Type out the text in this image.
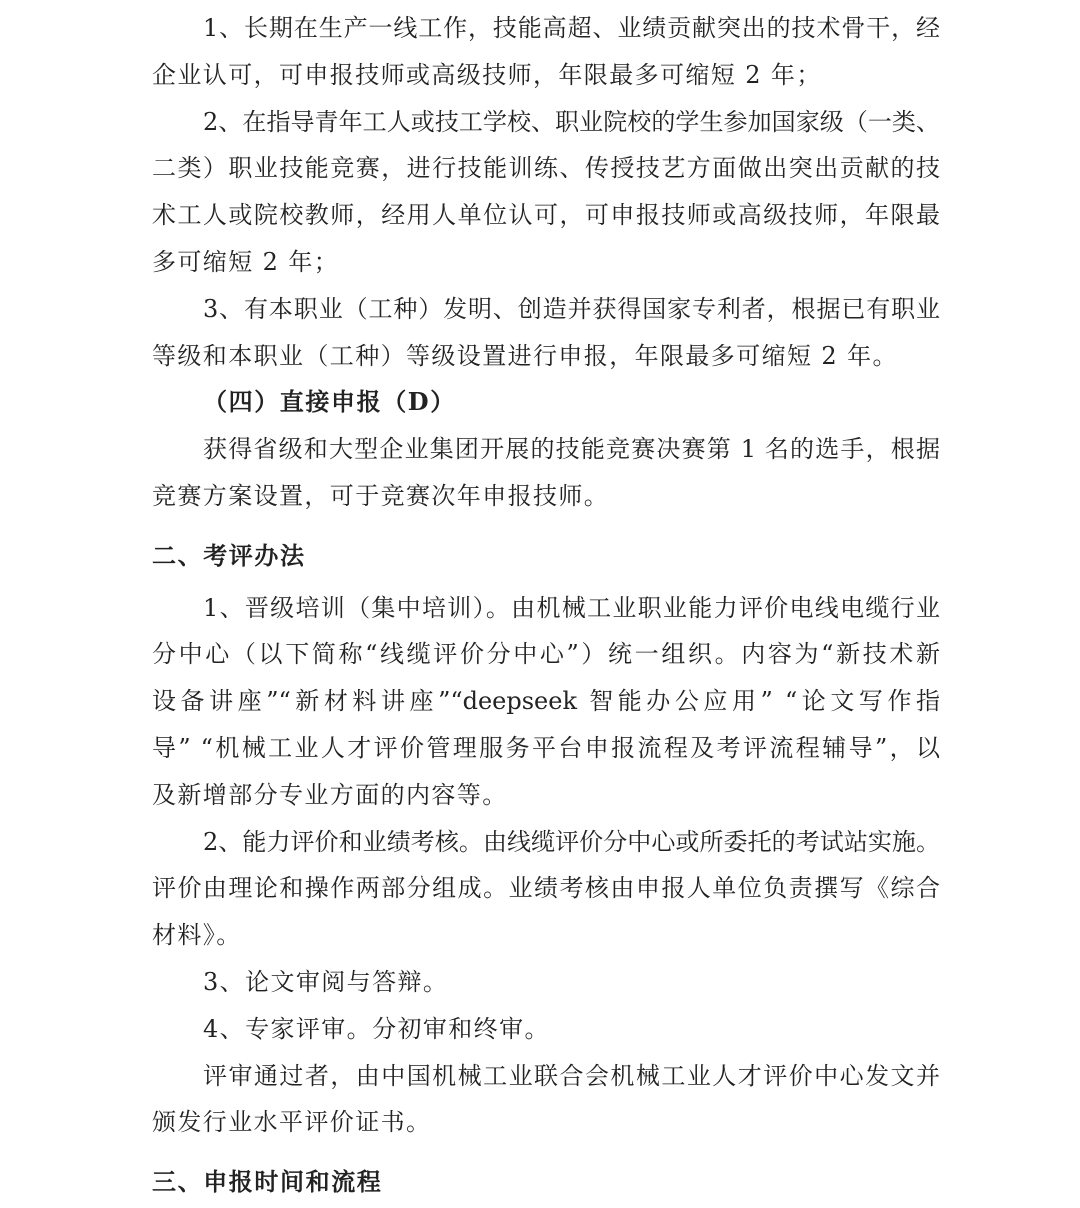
1、长期在生产一线工作，技能高超、业绩贡献突出的技术骨干，经
企业认可，可申报技师或高级技师，年限最多可缩短 2 年；
2、在指导青年工人或技工学校、职业院校的学生参加国家级（一类、
二类）职业技能竞赛，进行技能训练、传授技艺方面做出突出贡献的技
术工人或院校教师，经用人单位认可，可申报技师或高级技师，年限最
多可缩短 2 年；
3、有本职业（工种）发明、创造并获得国家专利者，根据已有职业
等级和本职业（工种）等级设置进行申报，年限最多可缩短 2 年。
（四）直接申报（D）
获得省级和大型企业集团开展的技能竞赛决赛第 1 名的选手，根据
竞赛方案设置，可于竞赛次年申报技师。
二、考评办法
1、晋级培训（集中培训）。由机械工业职业能力评价电线电缆行业
分中心（以下简称“线缆评价分中心”）统一组织。内容为“新技术新
设备讲座”“新材料讲座”“deepseek 智能办公应用” “论文写作指
导” “机械工业人才评价管理服务平台申报流程及考评流程辅导”，以
及新增部分专业方面的内容等。
2、能力评价和业绩考核。由线缆评价分中心或所委托的考试站实施。
评价由理论和操作两部分组成。业绩考核由申报人单位负责撰写《综合
材料》。
3、论文审阅与答辩。
4、专家评审。分初审和终审。
评审通过者，由中国机械工业联合会机械工业人才评价中心发文并
颁发行业水平评价证书。
三、申报时间和流程
